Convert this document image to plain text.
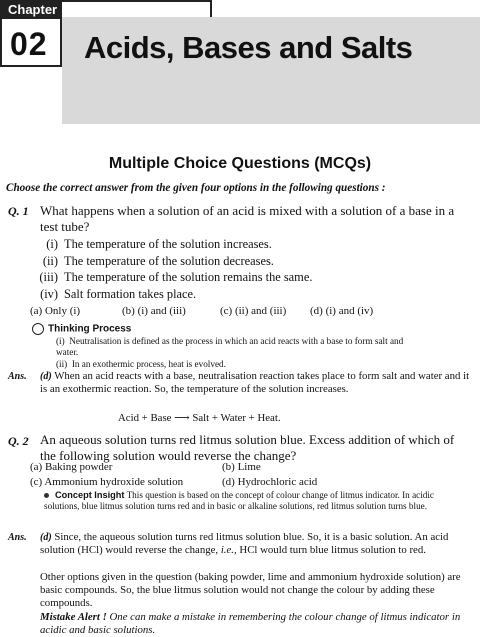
Chapter
02 Acids, Bases and Salts
Multiple Choice Questions (MCQs)
Choose the correct answer from the given four options in the following questions :
Q. 1 What happens when a solution of an acid is mixed with a solution of a base in a test tube?
(i) The temperature of the solution increases.
(ii) The temperature of the solution decreases.
(iii) The temperature of the solution remains the same.
(iv) Salt formation takes place.
(a) Only (i)	(b) (i) and (iii)	(c) (ii) and (iii) (d) (i) and (iv)
Thinking Process
(i) Neutralisation is defined as the process in which an acid reacts with a base to form salt and water.
(ii) In an exothermic process, heat is evolved.
Ans. (d) When an acid reacts with a base, neutralisation reaction takes place to form salt and water and it is an exothermic reaction. So, the temperature of the solution increases.
Acid + Base ⟶ Salt + Water + Heat.
Q. 2 An aqueous solution turns red litmus solution blue. Excess addition of which of the following solution would reverse the change?
(a) Baking powder	(b) Lime
(c) Ammonium hydroxide solution	(d) Hydrochloric acid
Concept Insight This question is based on the concept of colour change of litmus indicator. In acidic solutions, blue litmus solution turns red and in basic or alkaline solutions, red litmus solution turns blue.
Ans. (d) Since, the aqueous solution turns red litmus solution blue. So, it is a basic solution. An acid solution (HCl) would reverse the change, i.e., HCl would turn blue litmus solution to red.
Other options given in the question (baking powder, lime and ammonium hydroxide solution) are basic compounds. So, the blue litmus solution would not change the colour by adding these compounds.
Mistake Alert ! One can make a mistake in remembering the colour change of litmus indicator in acidic and basic solutions.
